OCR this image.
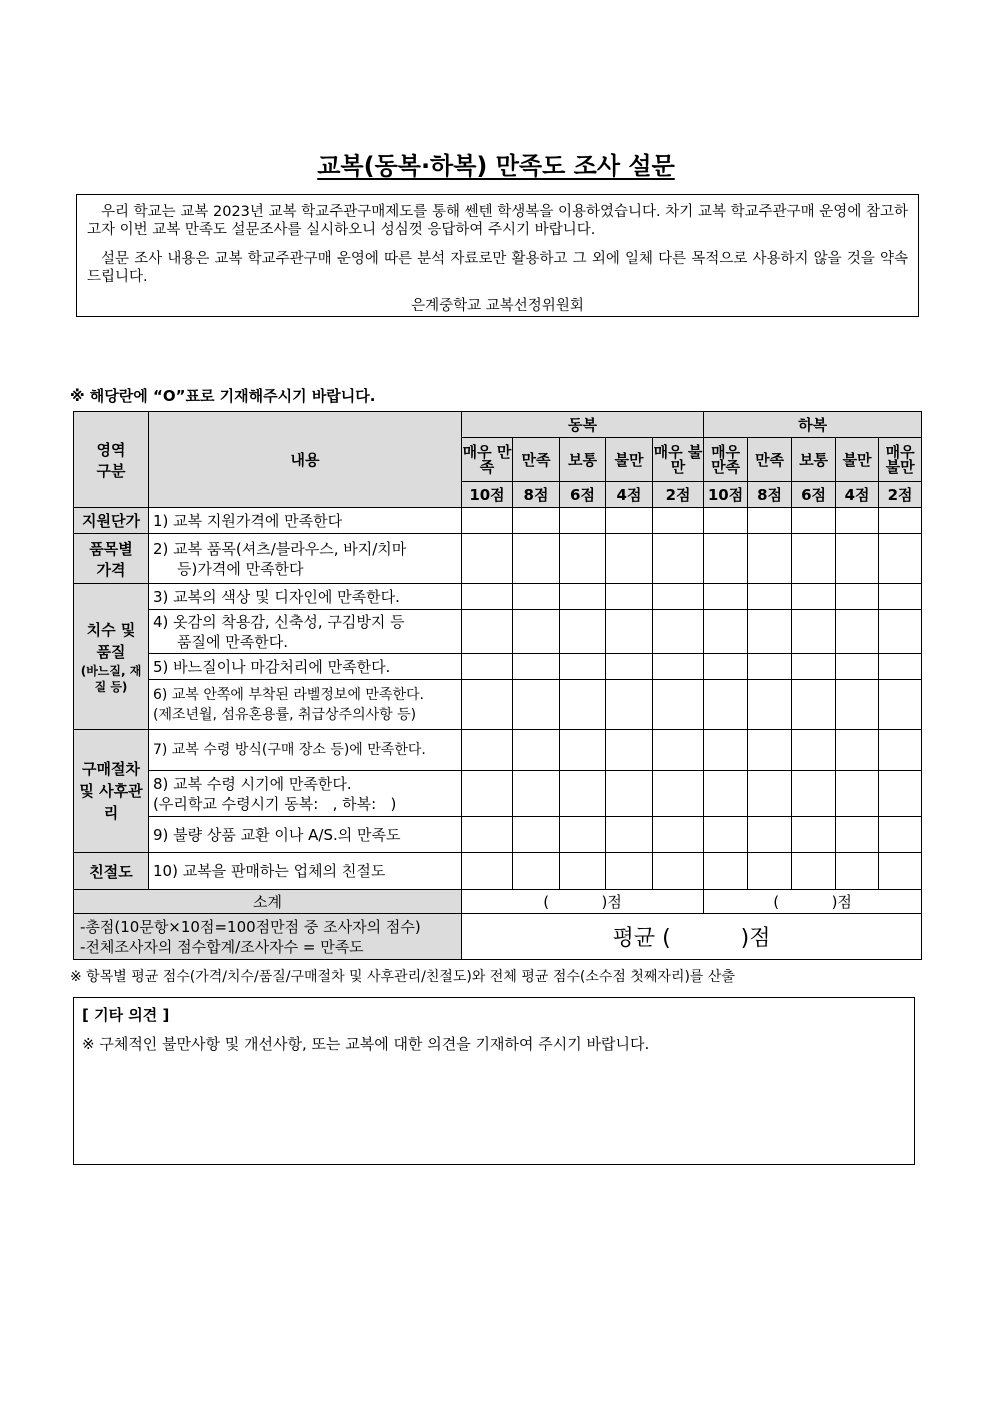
교복(동복·하복) 만족도 조사 설문

우리 학교는 교복 2023년 교복 학교주관구매제도를 통해 쎈텐 학생복을 이용하였습니다. 차기 교복 학교주관구매 운영에 참고하고자 이번 교복 만족도 설문조사를 실시하오니 성심껏 응답하여 주시기 바랍니다.

설문 조사 내용은 교복 학교주관구매 운영에 따른 분석 자료로만 활용하고 그 외에 일체 다른 목적으로 사용하지 않을 것을 약속드립니다.

은계중학교 교복선정위원회

※ 해당란에 “O”표로 기재해주시기 바랍니다.
영역 구분	내용	동복					하복				
		매우 만족	만족	보통	불만	매우 불만	매우 만족	만족	보통	불만	매우 불만
		10점	8점	6점	4점	2점	10점	8점	6점	4점	2점
지원단가	1) 교복 지원가격에 만족한다										
품목별 가격	2) 교복 품목(셔츠/블라우스, 바지/치마
등)가격에 만족한다										

치수 및 품질
(바느질, 재질 등)	3) 교복의 색상 및 디자인에 만족한다.										
	4) 옷감의 착용감, 신축성, 구김방지 등
품질에 만족한다.										

	5) 바느질이나 마감처리에 만족한다.										

	6) 교복 안쪽에 부착된 라벨정보에 만족한다.
(제조년월, 섬유혼용률, 취급상주의사항 등)										

구매절차 및 사후관리	7) 교복 수령 방식(구매 장소 등)에 만족한다.										

	8) 교복 수령 시기에 만족한다.
(우리학교 수령시기 동복:   , 하복:   )										

	9) 불량 상품 교환 이나 A/S.의 만족도										
친절도	10) 교복을 판매하는 업체의 친절도										
소계		(           )점					(           )점				

-총점(10문항×10점=100점만점 중 조사자의 점수)
-전체조사자의 점수합계/조사자수 = 만족도		평균 (          )점									
※ 항목별 평균 점수(가격/치수/품질/구매절차 및 사후관리/친절도)와 전체 평균 점수(소수점 첫째자리)를 산출
[ 기타 의견 ]
※ 구체적인 불만사항 및 개선사항, 또는 교복에 대한 의견을 기재하여 주시기 바랍니다.
